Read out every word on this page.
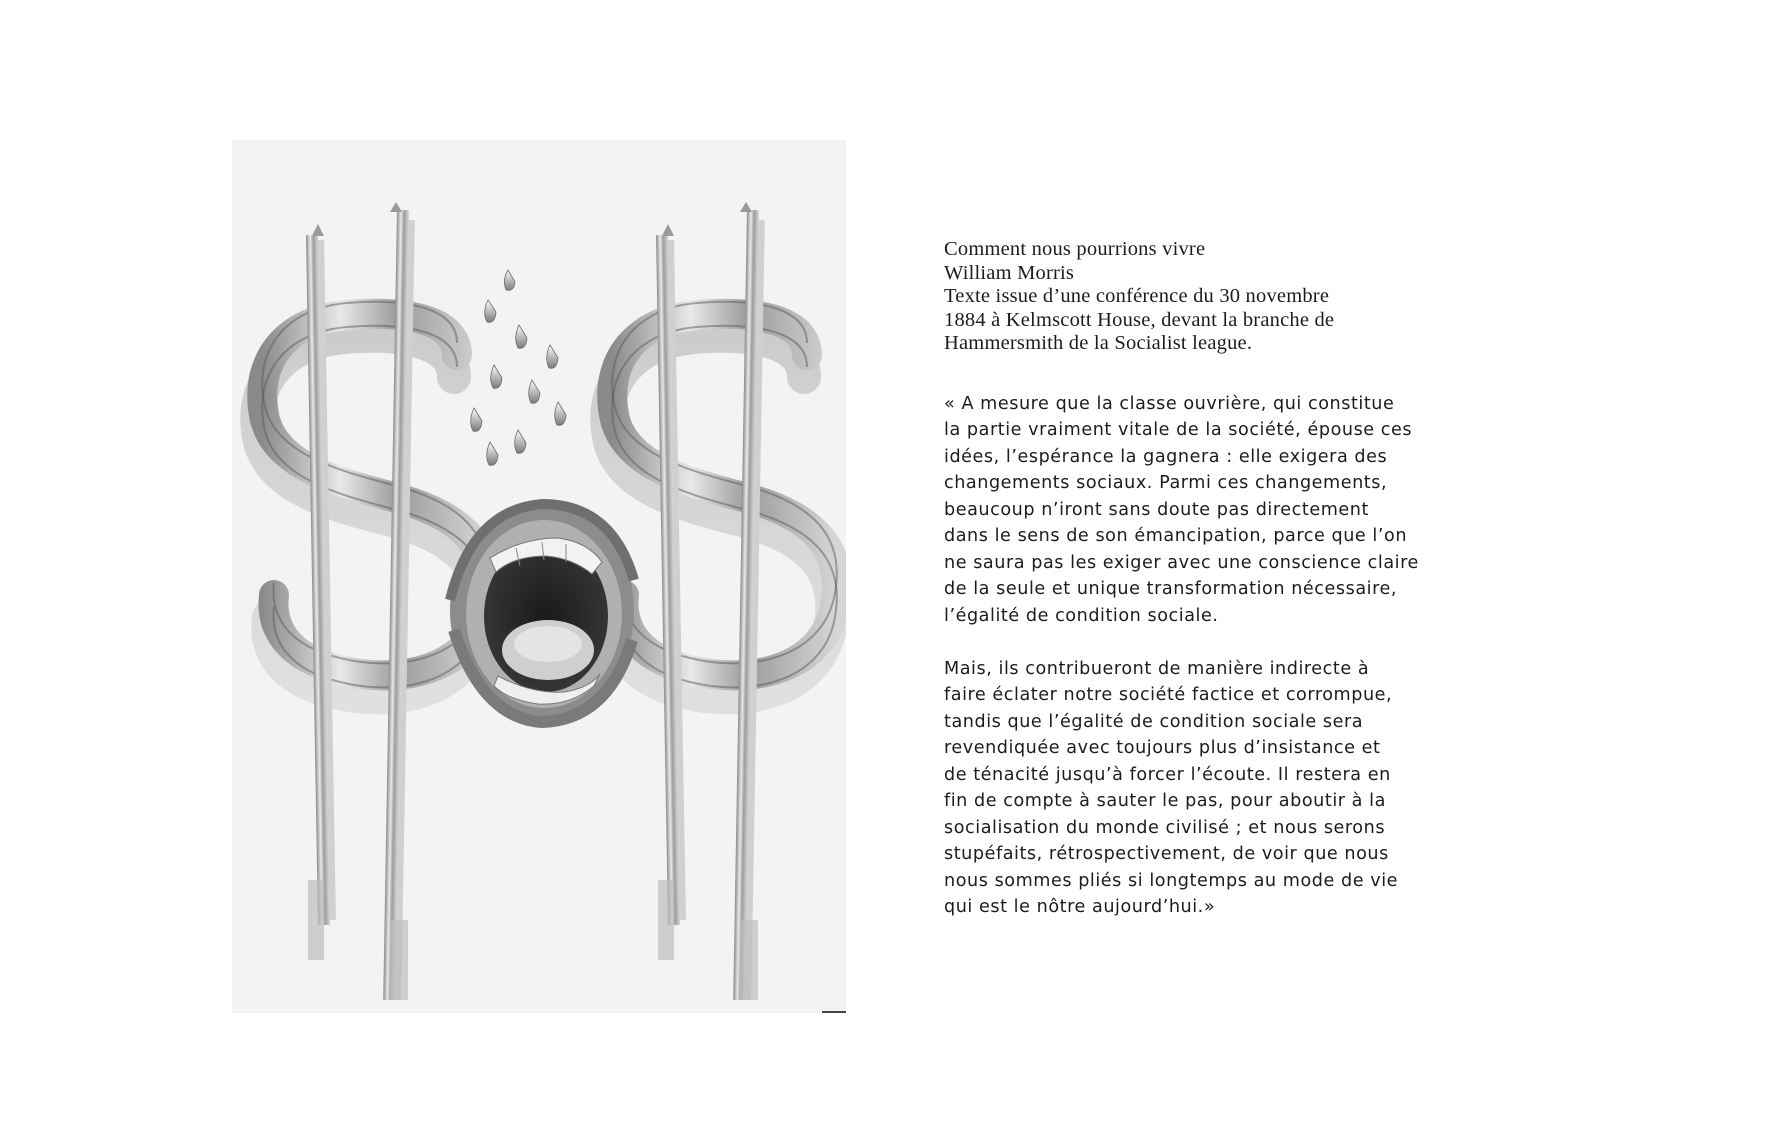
Comment nous pourrions vivre
William Morris
Texte issue d’une conférence du 30 novembre
1884 à Kelmscott House, devant la branche de
Hammersmith de la Socialist league.

« A mesure que la classe ouvrière, qui constitue
la partie vraiment vitale de la société, épouse ces
idées, l’espérance la gagnera : elle exigera des
changements sociaux. Parmi ces changements,
beaucoup n’iront sans doute pas directement
dans le sens de son émancipation, parce que l’on
ne saura pas les exiger avec une conscience claire
de la seule et unique transformation nécessaire,
l’égalité de condition sociale.

Mais, ils contribueront de manière indirecte à
faire éclater notre société factice et corrompue,
tandis que l’égalité de condition sociale sera
revendiquée avec toujours plus d’insistance et
de ténacité jusqu’à forcer l’écoute. Il restera en
fin de compte à sauter le pas, pour aboutir à la
socialisation du monde civilisé ; et nous serons
stupéfaits, rétrospectivement, de voir que nous
nous sommes pliés si longtemps au mode de vie
qui est le nôtre aujourd’hui.»
